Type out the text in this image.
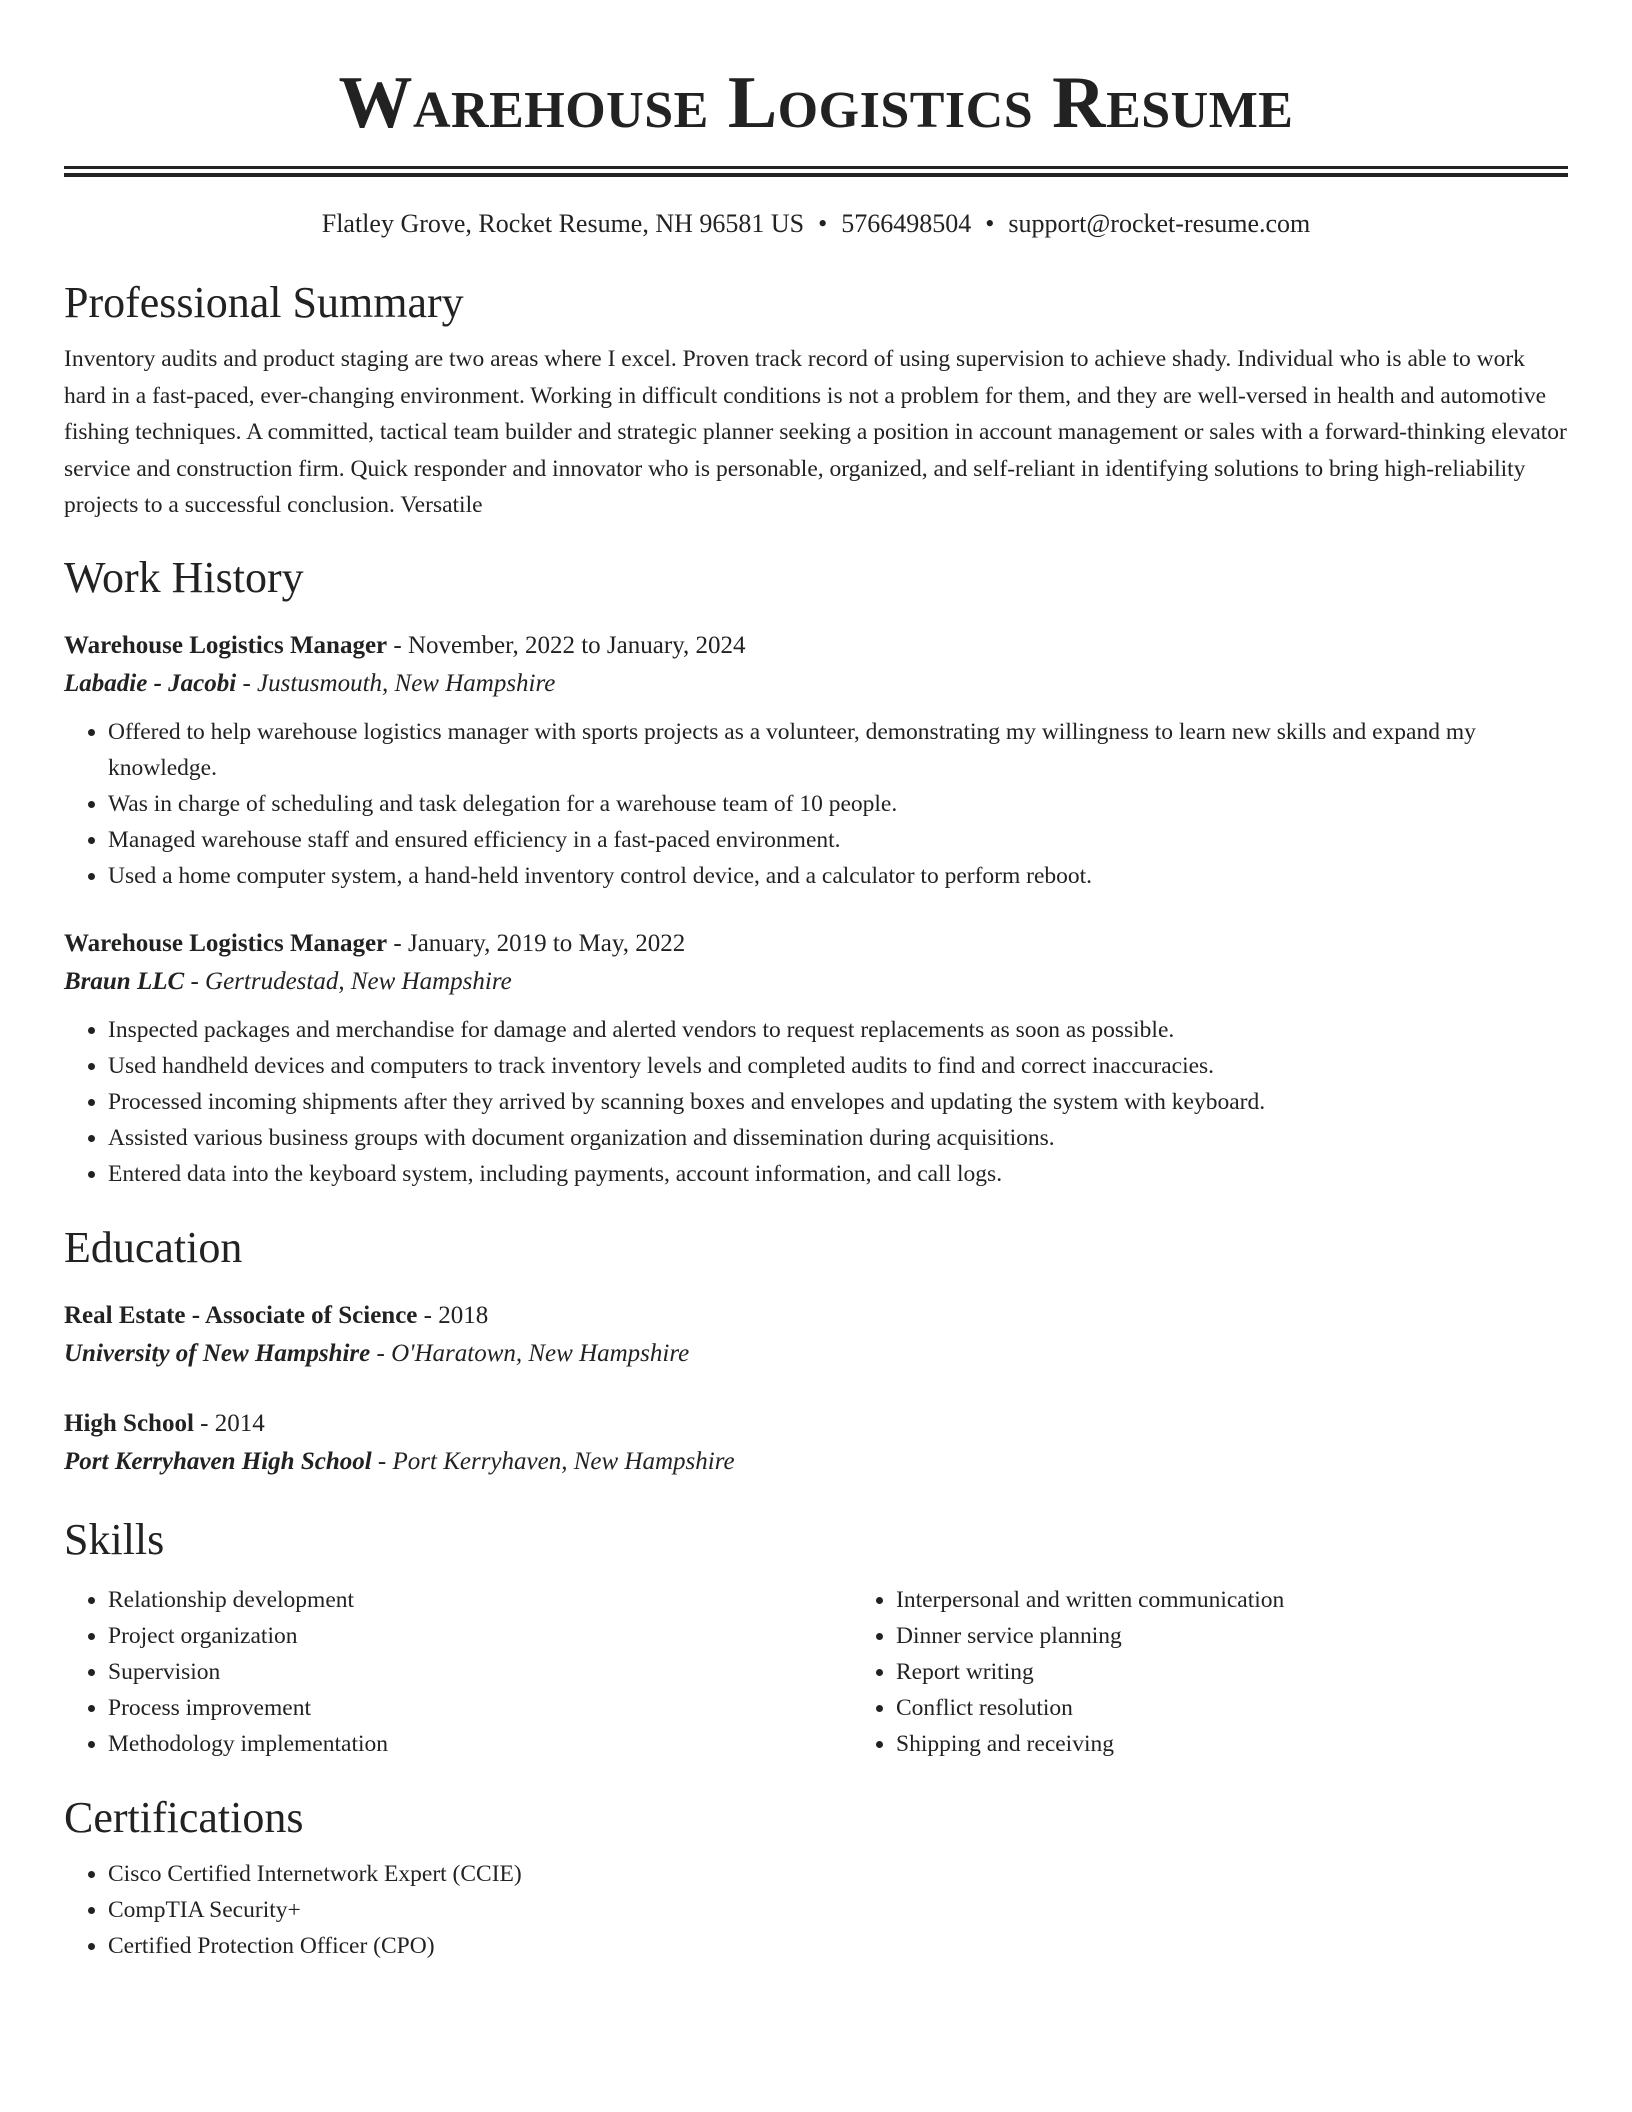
Warehouse Logistics Resume
Flatley Grove, Rocket Resume, NH 96581 US • 5766498504 • support@rocket-resume.com
Professional Summary

Inventory audits and product staging are two areas where I excel. Proven track record of using supervision to achieve shady. Individual who is able to work hard in a fast-paced, ever-changing environment. Working in difficult conditions is not a problem for them, and they are well-versed in health and automotive fishing techniques. A committed, tactical team builder and strategic planner seeking a position in account management or sales with a forward-thinking elevator service and construction firm. Quick responder and innovator who is personable, organized, and self-reliant in identifying solutions to bring high-reliability projects to a successful conclusion. Versatile

Work History
Warehouse Logistics Manager - November, 2022 to January, 2024
Labadie - Jacobi - Justusmouth, New Hampshire
• Offered to help warehouse logistics manager with sports projects as a volunteer, demonstrating my willingness to learn new skills and expand my knowledge.
• Was in charge of scheduling and task delegation for a warehouse team of 10 people.
• Managed warehouse staff and ensured efficiency in a fast-paced environment.
• Used a home computer system, a hand-held inventory control device, and a calculator to perform reboot.
Warehouse Logistics Manager - January, 2019 to May, 2022
Braun LLC - Gertrudestad, New Hampshire
• Inspected packages and merchandise for damage and alerted vendors to request replacements as soon as possible.
• Used handheld devices and computers to track inventory levels and completed audits to find and correct inaccuracies.
• Processed incoming shipments after they arrived by scanning boxes and envelopes and updating the system with keyboard.
• Assisted various business groups with document organization and dissemination during acquisitions.
• Entered data into the keyboard system, including payments, account information, and call logs.
Education
Real Estate - Associate of Science - 2018
University of New Hampshire - O'Haratown, New Hampshire
High School - 2014
Port Kerryhaven High School - Port Kerryhaven, New Hampshire
Skills
• Relationship development
• Project organization
• Supervision
• Process improvement
• Methodology implementation
• Interpersonal and written communication
• Dinner service planning
• Report writing
• Conflict resolution
• Shipping and receiving
Certifications
• Cisco Certified Internetwork Expert (CCIE)
• CompTIA Security+
• Certified Protection Officer (CPO)
